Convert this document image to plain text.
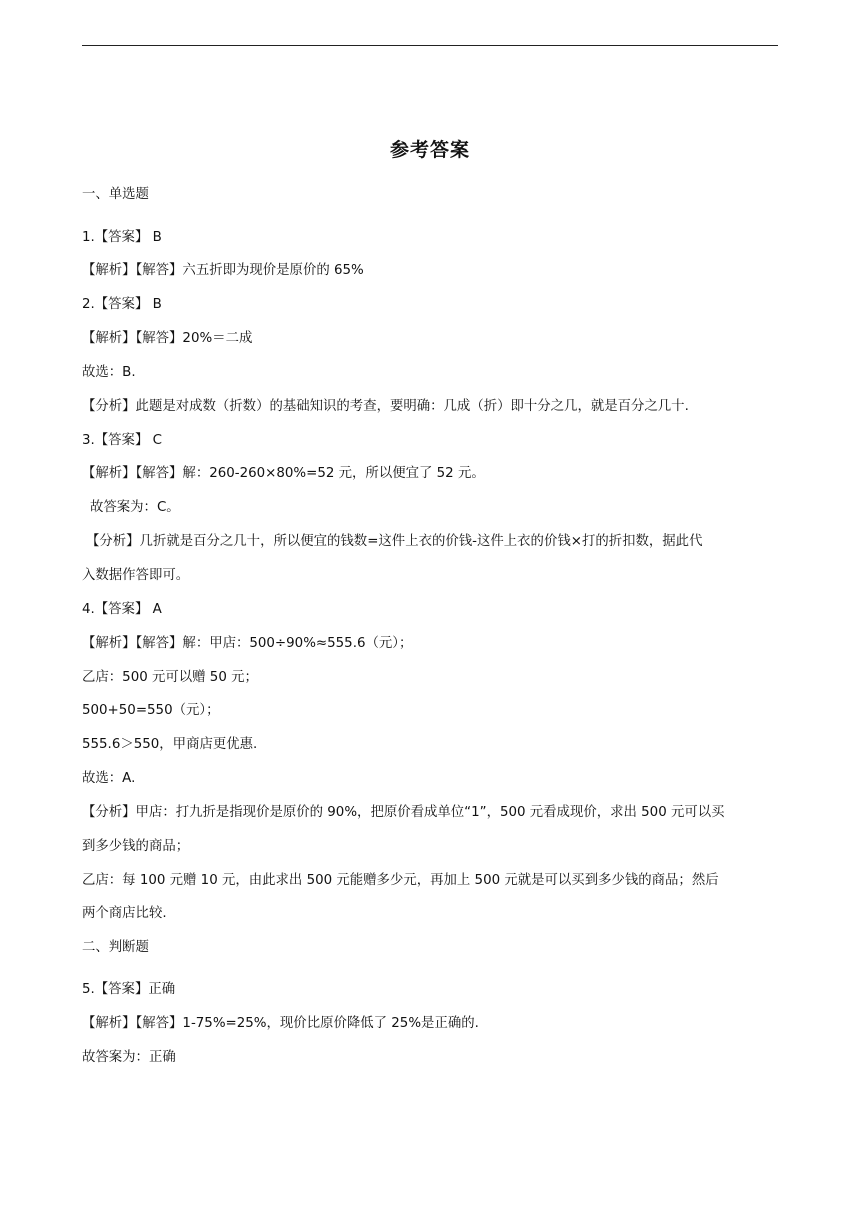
参考答案
一、单选题
1.【答案】 B
【解析】【解答】六五折即为现价是原价的 65%
2.【答案】 B
【解析】【解答】20%＝二成
故选：B.
【分析】此题是对成数（折数）的基础知识的考查，要明确：几成（折）即十分之几，就是百分之几十.
3.【答案】 C
【解析】【解答】解：260-260×80%=52 元，所以便宜了 52 元。
故答案为：C。
【分析】几折就是百分之几十，所以便宜的钱数=这件上衣的价钱-这件上衣的价钱×打的折扣数，据此代
入数据作答即可。
4.【答案】 A
【解析】【解答】解：甲店：500÷90%≈555.6（元）；
乙店：500 元可以赠 50 元；
500+50=550（元）；
555.6＞550，甲商店更优惠.
故选：A.
【分析】甲店：打九折是指现价是原价的 90%，把原价看成单位“1”，500 元看成现价，求出 500 元可以买
到多少钱的商品；
乙店：每 100 元赠 10 元，由此求出 500 元能赠多少元，再加上 500 元就是可以买到多少钱的商品；然后
两个商店比较.
二、判断题
5.【答案】正确
【解析】【解答】1-75%=25%，现价比原价降低了 25%是正确的.
故答案为：正确
